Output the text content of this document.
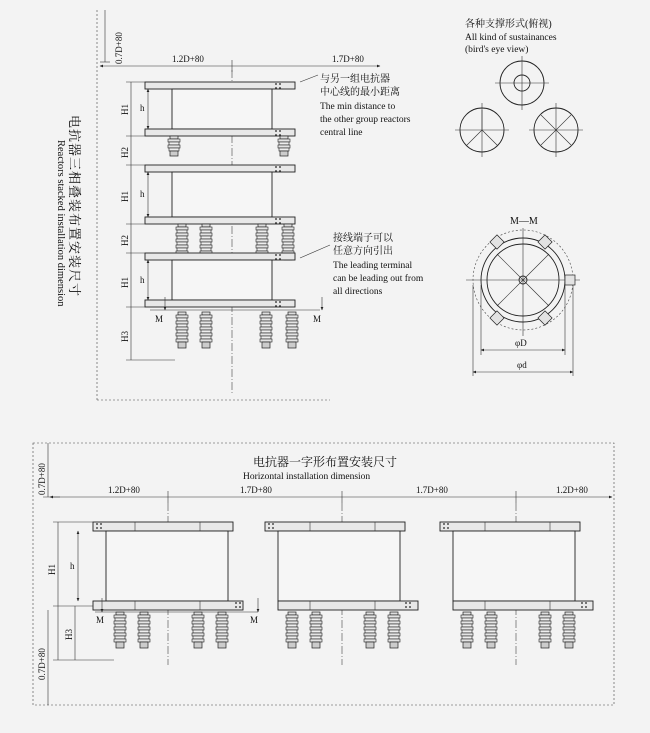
0.7D+80	1.2D+80	1.7D+80
M	M
H1
H2
H1
H2
H1
H3
h
h
h
电抗器三相叠装布置安装尺寸
Reactors stacked installation dimension
与另一组电抗器
中心线的最小距离
The min distance to
the other group reactors
central line
接线端子可以
任意方向引出
The leading terminal
can be leading out from
all directions
各种支撑形式(俯视)
All kind of sustainances
(bird's eye view)
M—M
φD
φd
电抗器一字形布置安装尺寸
Horizontal installation dimension
0.7D+80
0.7D+80
1.2D+80	1.7D+80	1.7D+80	1.2D+80
H1
H3
h
M	M
